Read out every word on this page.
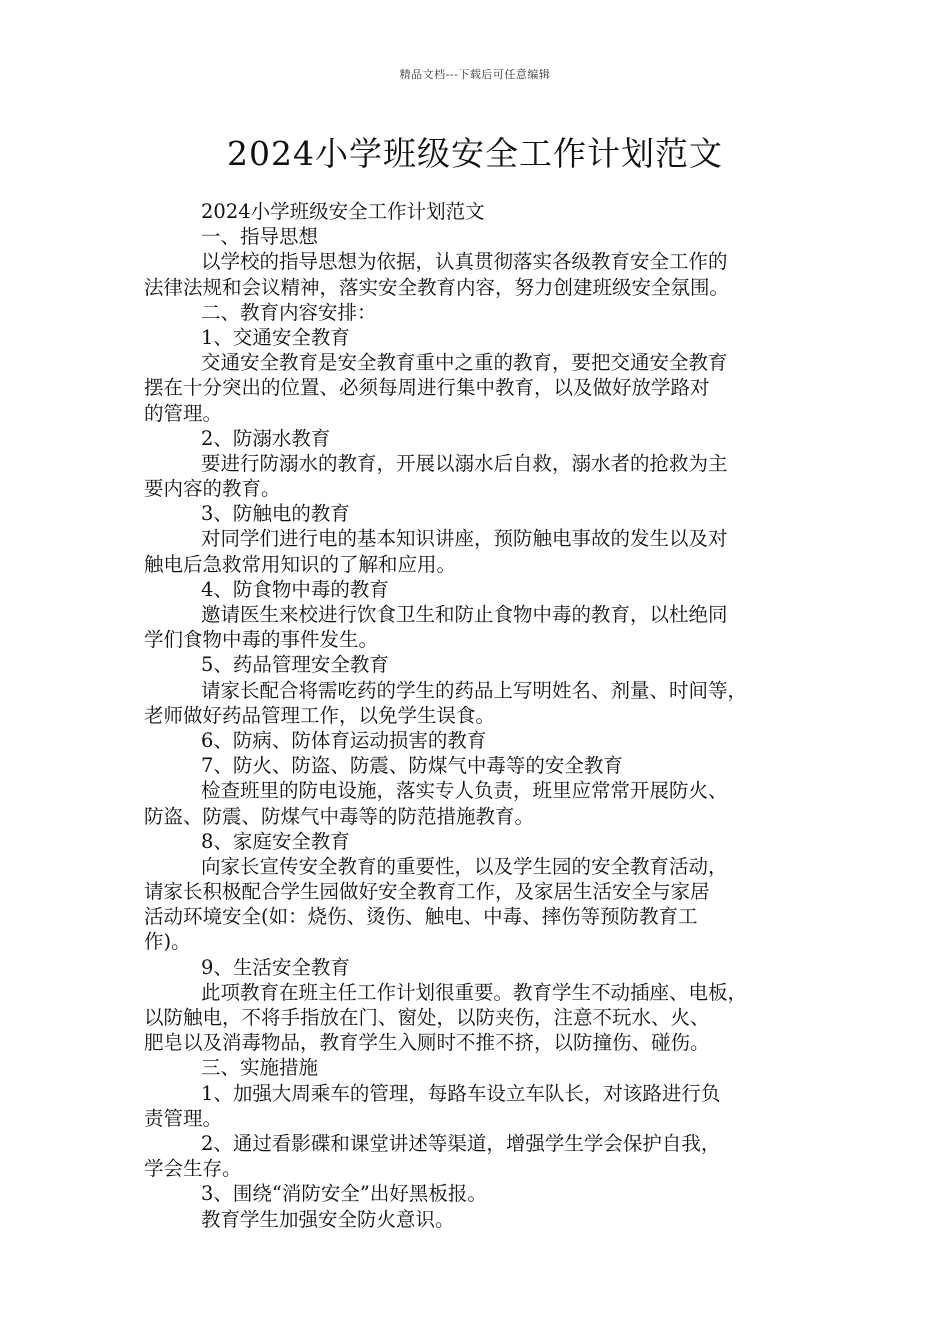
精品文档---下载后可任意编辑
2024小学班级安全工作计划范文
2024小学班级安全工作计划范文
一、指导思想
以学校的指导思想为依据，认真贯彻落实各级教育安全工作的
法律法规和会议精神，落实安全教育内容，努力创建班级安全氛围。
二、教育内容安排：
1、交通安全教育
交通安全教育是安全教育重中之重的教育，要把交通安全教育
摆在十分突出的位置、必须每周进行集中教育，以及做好放学路对
的管理。
2、防溺水教育
要进行防溺水的教育，开展以溺水后自救，溺水者的抢救为主
要内容的教育。
3、防触电的教育
对同学们进行电的基本知识讲座，预防触电事故的发生以及对
触电后急救常用知识的了解和应用。
4、防食物中毒的教育
邀请医生来校进行饮食卫生和防止食物中毒的教育，以杜绝同
学们食物中毒的事件发生。
5、药品管理安全教育
请家长配合将需吃药的学生的药品上写明姓名、剂量、时间等，
老师做好药品管理工作，以免学生误食。
6、防病、防体育运动损害的教育
7、防火、防盗、防震、防煤气中毒等的安全教育
检查班里的防电设施，落实专人负责，班里应常常开展防火、
防盗、防震、防煤气中毒等的防范措施教育。
8、家庭安全教育
向家长宣传安全教育的重要性，以及学生园的安全教育活动，
请家长积极配合学生园做好安全教育工作，及家居生活安全与家居
活动环境安全(如：烧伤、烫伤、触电、中毒、摔伤等预防教育工
作)。
9、生活安全教育
此项教育在班主任工作计划很重要。教育学生不动插座、电板，
以防触电，不将手指放在门、窗处，以防夹伤，注意不玩水、火、
肥皂以及消毒物品，教育学生入厕时不推不挤，以防撞伤、碰伤。
三、实施措施
1、加强大周乘车的管理，每路车设立车队长，对该路进行负
责管理。
2、通过看影碟和课堂讲述等渠道，增强学生学会保护自我，
学会生存。
3、围绕“消防安全”出好黑板报。
教育学生加强安全防火意识。
